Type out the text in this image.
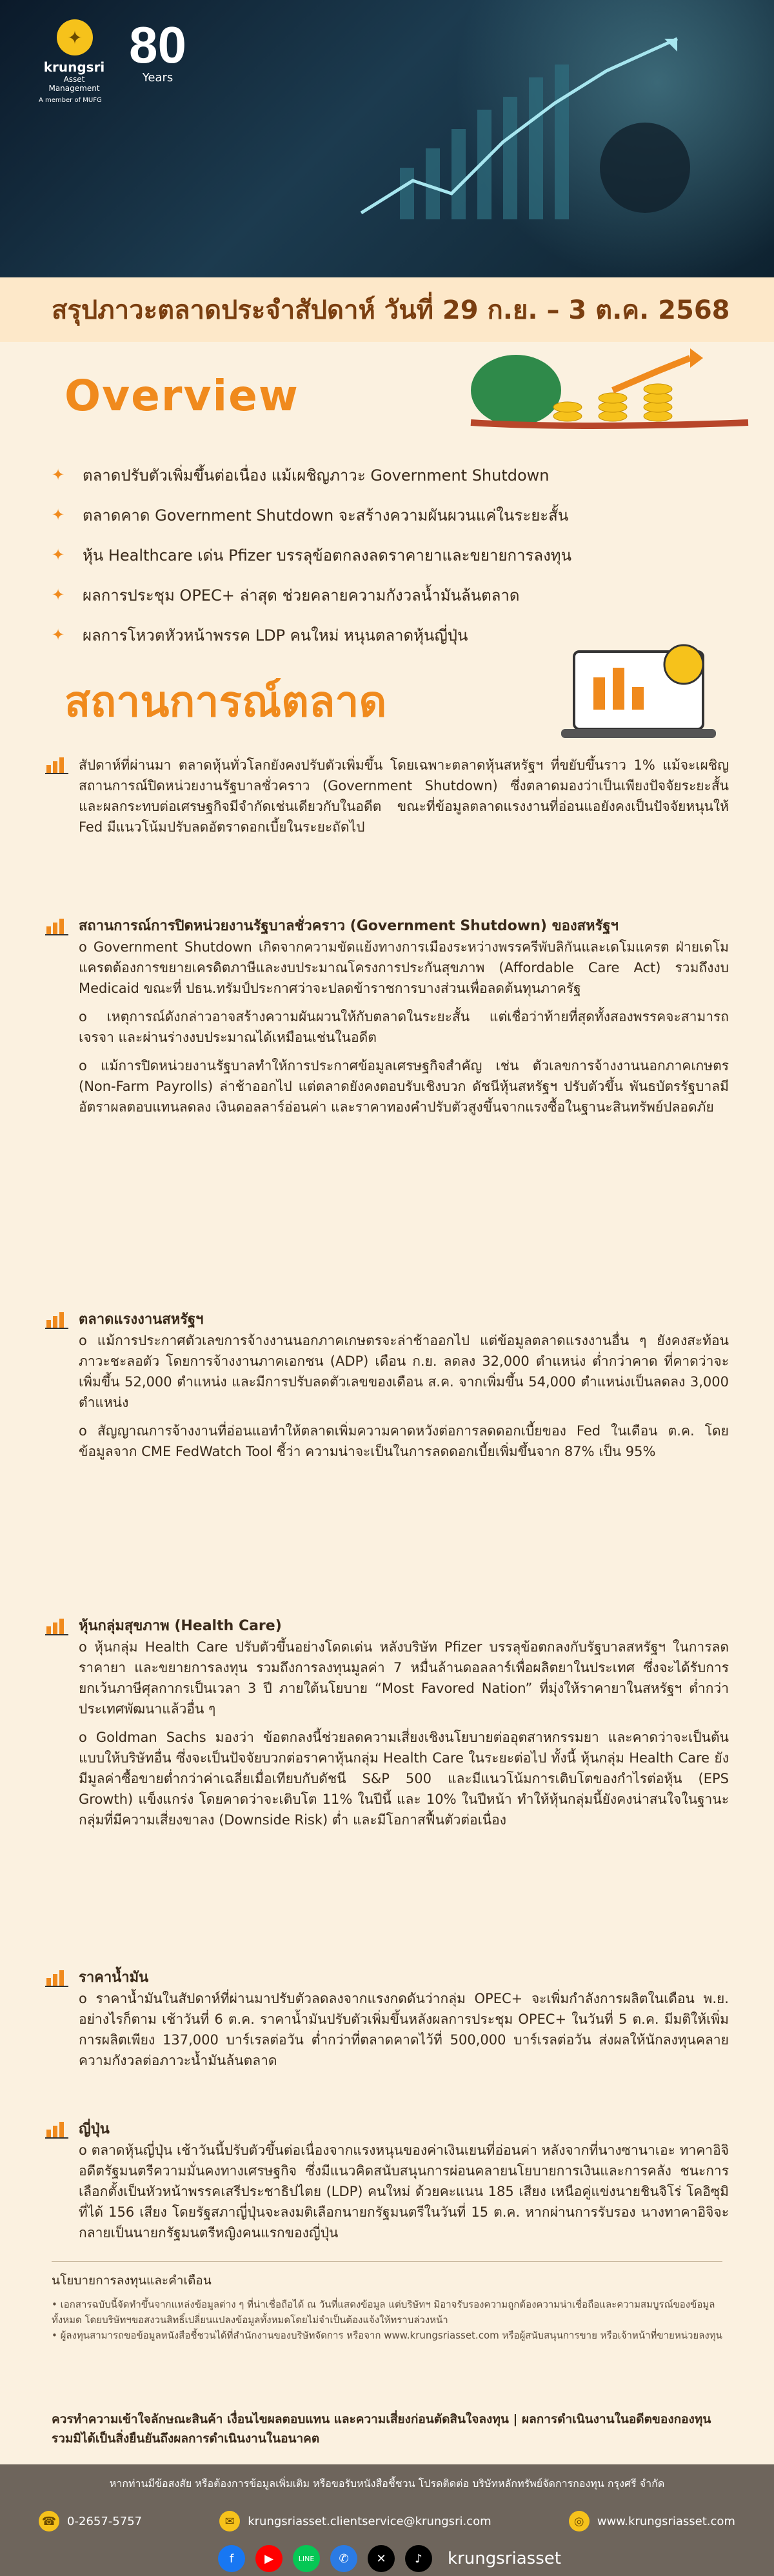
✦
krungsri
Asset
Management
A member of MUFG
80
Years
สรุปภาวะตลาดประจำสัปดาห์ วันที่ 29 ก.ย. – 3 ต.ค. 2568
Overview
✦ ตลาดปรับตัวเพิ่มขึ้นต่อเนื่อง แม้เผชิญภาวะ Government Shutdown
✦ ตลาดคาด Government Shutdown จะสร้างความผันผวนแค่ในระยะสั้น
✦ หุ้น Healthcare เด่น Pfizer บรรลุข้อตกลงลดราคายาและขยายการลงทุน
✦ ผลการประชุม OPEC+ ล่าสุด ช่วยคลายความกังวลน้ำมันล้นตลาด
✦ ผลการโหวตหัวหน้าพรรค LDP คนใหม่ หนุนตลาดหุ้นญี่ปุ่น
สถานการณ์ตลาด
สัปดาห์ที่ผ่านมา ตลาดหุ้นทั่วโลกยังคงปรับตัวเพิ่มขึ้น โดยเฉพาะตลาดหุ้นสหรัฐฯ ที่ขยับขึ้นราว 1% แม้จะเผชิญสถานการณ์ปิดหน่วยงานรัฐบาลชั่วคราว (Government Shutdown) ซึ่งตลาดมองว่าเป็นเพียงปัจจัยระยะสั้น และผลกระทบต่อเศรษฐกิจมีจำกัดเช่นเดียวกับในอดีต ขณะที่ข้อมูลตลาดแรงงานที่อ่อนแอยังคงเป็นปัจจัยหนุนให้ Fed มีแนวโน้มปรับลดอัตราดอกเบี้ยในระยะถัดไป
สถานการณ์การปิดหน่วยงานรัฐบาลชั่วคราว (Government Shutdown) ของสหรัฐฯ

o Government Shutdown เกิดจากความขัดแย้งทางการเมืองระหว่างพรรครีพับลิกันและเดโมแครต ฝ่ายเดโมแครตต้องการขยายเครดิตภาษีและงบประมาณโครงการประกันสุขภาพ (Affordable Care Act) รวมถึงงบ Medicaid ขณะที่ ปธน.ทรัมป์ประกาศว่าจะปลดข้าราชการบางส่วนเพื่อลดต้นทุนภาครัฐ

o เหตุการณ์ดังกล่าวอาจสร้างความผันผวนให้กับตลาดในระยะสั้น แต่เชื่อว่าท้ายที่สุดทั้งสองพรรคจะสามารถเจรจา และผ่านร่างงบประมาณได้เหมือนเช่นในอดีต

o แม้การปิดหน่วยงานรัฐบาลทำให้การประกาศข้อมูลเศรษฐกิจสำคัญ เช่น ตัวเลขการจ้างงานนอกภาคเกษตร (Non-Farm Payrolls) ล่าช้าออกไป แต่ตลาดยังคงตอบรับเชิงบวก ดัชนีหุ้นสหรัฐฯ ปรับตัวขึ้น พันธบัตรรัฐบาลมีอัตราผลตอบแทนลดลง เงินดอลลาร์อ่อนค่า และราคาทองคำปรับตัวสูงขึ้นจากแรงซื้อในฐานะสินทรัพย์ปลอดภัย

ตลาดแรงงานสหรัฐฯ

o แม้การประกาศตัวเลขการจ้างงานนอกภาคเกษตรจะล่าช้าออกไป แต่ข้อมูลตลาดแรงงานอื่น ๆ ยังคงสะท้อนภาวะชะลอตัว โดยการจ้างงานภาคเอกชน (ADP) เดือน ก.ย. ลดลง 32,000 ตำแหน่ง ต่ำกว่าคาด ที่คาดว่าจะเพิ่มขึ้น 52,000 ตำแหน่ง และมีการปรับลดตัวเลขของเดือน ส.ค. จากเพิ่มขึ้น 54,000 ตำแหน่งเป็นลดลง 3,000 ตำแหน่ง

o สัญญาณการจ้างงานที่อ่อนแอทำให้ตลาดเพิ่มความคาดหวังต่อการลดดอกเบี้ยของ Fed ในเดือน ต.ค. โดยข้อมูลจาก CME FedWatch Tool ชี้ว่า ความน่าจะเป็นในการลดดอกเบี้ยเพิ่มขึ้นจาก 87% เป็น 95%

หุ้นกลุ่มสุขภาพ (Health Care)

o หุ้นกลุ่ม Health Care ปรับตัวขึ้นอย่างโดดเด่น หลังบริษัท Pfizer บรรลุข้อตกลงกับรัฐบาลสหรัฐฯ ในการลดราคายา และขยายการลงทุน รวมถึงการลงทุนมูลค่า 7 หมื่นล้านดอลลาร์เพื่อผลิตยาในประเทศ ซึ่งจะได้รับการยกเว้นภาษีศุลกากรเป็นเวลา 3 ปี ภายใต้นโยบาย “Most Favored Nation” ที่มุ่งให้ราคายาในสหรัฐฯ ต่ำกว่าประเทศพัฒนาแล้วอื่น ๆ

o Goldman Sachs มองว่า ข้อตกลงนี้ช่วยลดความเสี่ยงเชิงนโยบายต่ออุตสาหกรรมยา และคาดว่าจะเป็นต้นแบบให้บริษัทอื่น ซึ่งจะเป็นปัจจัยบวกต่อราคาหุ้นกลุ่ม Health Care ในระยะต่อไป ทั้งนี้ หุ้นกลุ่ม Health Care ยังมีมูลค่าซื้อขายต่ำกว่าค่าเฉลี่ยเมื่อเทียบกับดัชนี S&P 500 และมีแนวโน้มการเติบโตของกำไรต่อหุ้น (EPS Growth) แข็งแกร่ง โดยคาดว่าจะเติบโต 11% ในปีนี้ และ 10% ในปีหน้า ทำให้หุ้นกลุ่มนี้ยังคงน่าสนใจในฐานะกลุ่มที่มีความเสี่ยงขาลง (Downside Risk) ต่ำ และมีโอกาสฟื้นตัวต่อเนื่อง

ราคาน้ำมัน

o ราคาน้ำมันในสัปดาห์ที่ผ่านมาปรับตัวลดลงจากแรงกดดันว่ากลุ่ม OPEC+ จะเพิ่มกำลังการผลิตในเดือน พ.ย. อย่างไรก็ตาม เช้าวันที่ 6 ต.ค. ราคาน้ำมันปรับตัวเพิ่มขึ้นหลังผลการประชุม OPEC+ ในวันที่ 5 ต.ค. มีมติให้เพิ่มการผลิตเพียง 137,000 บาร์เรลต่อวัน ต่ำกว่าที่ตลาดคาดไว้ที่ 500,000 บาร์เรลต่อวัน ส่งผลให้นักลงทุนคลายความกังวลต่อภาวะน้ำมันล้นตลาด

ญี่ปุ่น

o ตลาดหุ้นญี่ปุ่น เช้าวันนี้ปรับตัวขึ้นต่อเนื่องจากแรงหนุนของค่าเงินเยนที่อ่อนค่า หลังจากที่นางซานาเอะ ทาคาอิจิ อดีตรัฐมนตรีความมั่นคงทางเศรษฐกิจ ซึ่งมีแนวคิดสนับสนุนการผ่อนคลายนโยบายการเงินและการคลัง ชนะการเลือกตั้งเป็นหัวหน้าพรรคเสรีประชาธิปไตย (LDP) คนใหม่ ด้วยคะแนน 185 เสียง เหนือคู่แข่งนายชินจิโร่ โคอิซุมิ ที่ได้ 156 เสียง โดยรัฐสภาญี่ปุ่นจะลงมติเลือกนายกรัฐมนตรีในวันที่ 15 ต.ค. หากผ่านการรับรอง นางทาคาอิจิจะกลายเป็นนายกรัฐมนตรีหญิงคนแรกของญี่ปุ่น

นโยบายการลงทุนและคำเตือน
• เอกสารฉบับนี้จัดทำขึ้นจากแหล่งข้อมูลต่าง ๆ ที่น่าเชื่อถือได้ ณ วันที่แสดงข้อมูล แต่บริษัทฯ มิอาจรับรองความถูกต้องความน่าเชื่อถือและความสมบูรณ์ของข้อมูลทั้งหมด โดยบริษัทฯขอสงวนสิทธิ์เปลี่ยนแปลงข้อมูลทั้งหมดโดยไม่จำเป็นต้องแจ้งให้ทราบล่วงหน้า
• ผู้ลงทุนสามารถขอข้อมูลหนังสือชี้ชวนได้ที่สำนักงานของบริษัทจัดการ หรือจาก www.krungsriasset.com หรือผู้สนับสนุนการขาย หรือเจ้าหน้าที่ขายหน่วยลงทุน
ควรทำความเข้าใจลักษณะสินค้า เงื่อนไขผลตอบแทน และความเสี่ยงก่อนตัดสินใจลงทุน | ผลการดำเนินงานในอดีตของกองทุนรวมมิได้เป็นสิ่งยืนยันถึงผลการดำเนินงานในอนาคต
หากท่านมีข้อสงสัย หรือต้องการข้อมูลเพิ่มเติม หรือขอรับหนังสือชี้ชวน โปรดติดต่อ บริษัทหลักทรัพย์จัดการกองทุน กรุงศรี จำกัด
☎ 0-2657-5757	✉	krungsriasset.clientservice@krungsri.com	◎	www.krungsriasset.com
f	▶	LINE	✆	✕	♪	krungsriasset
